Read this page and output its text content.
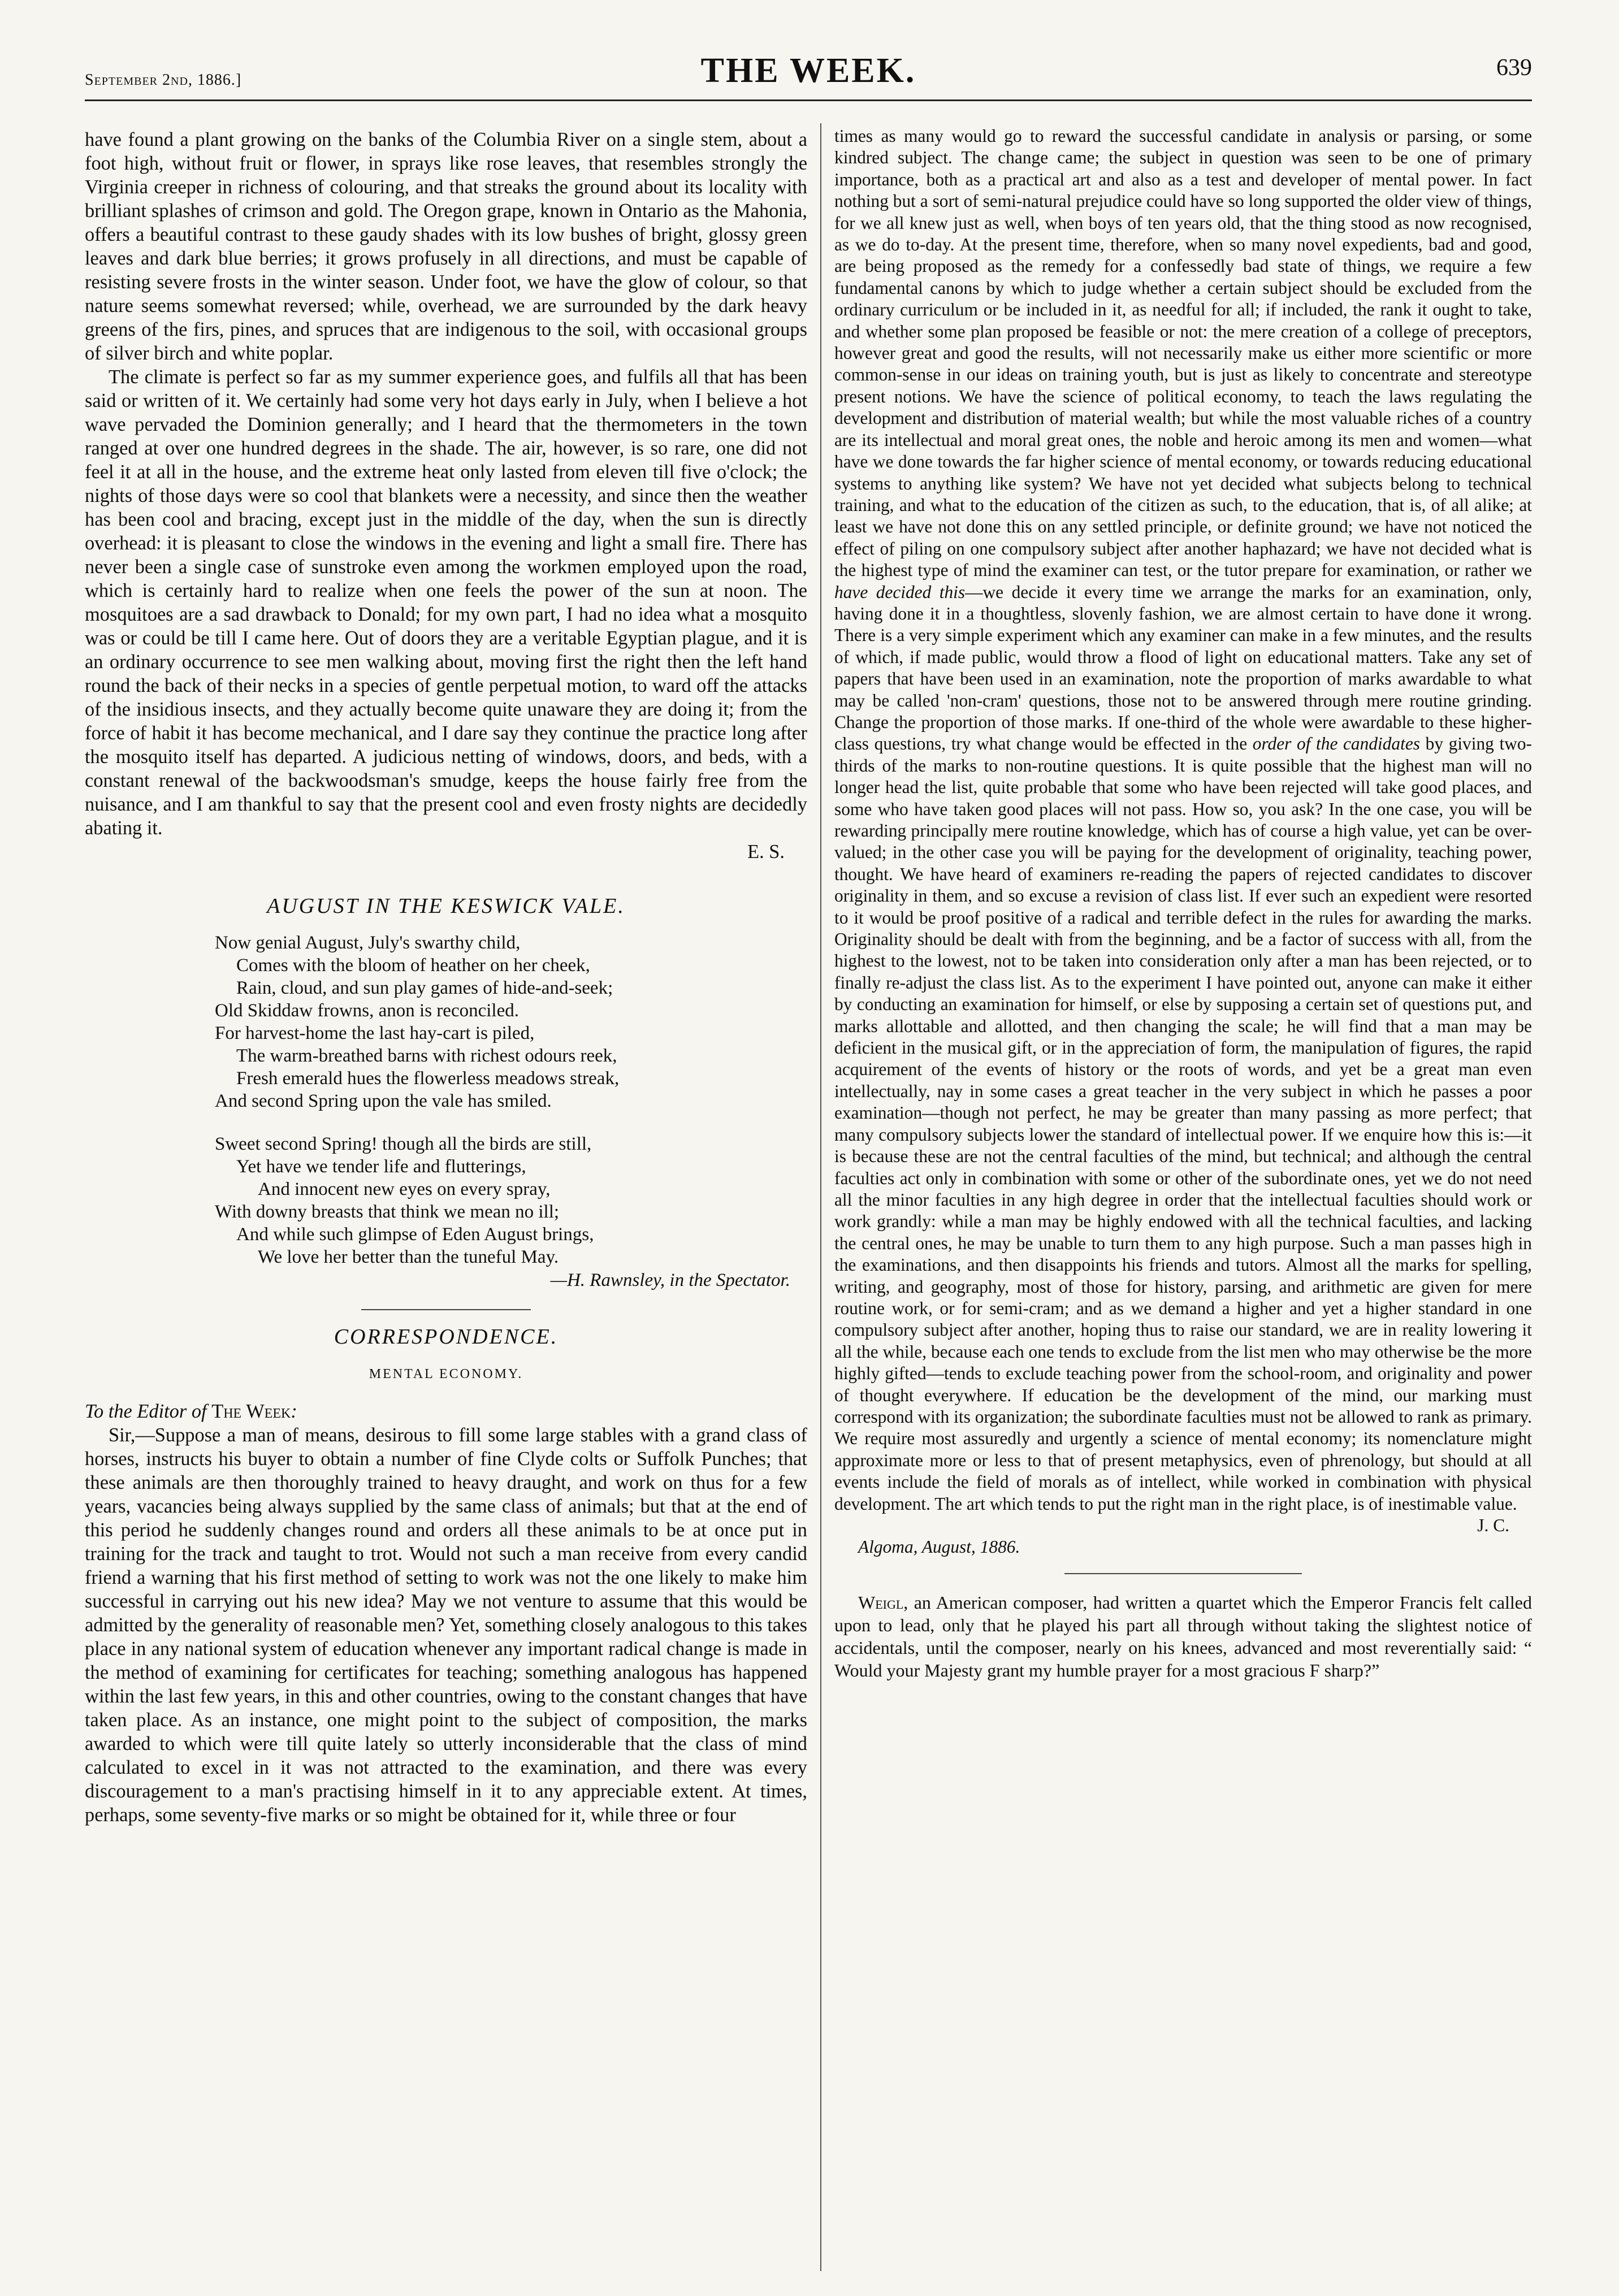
September 2nd, 1886.]	THE WEEK.	639

have found a plant growing on the banks of the Columbia River on a single stem, about a foot high, without fruit or flower, in sprays like rose leaves, that resembles strongly the Virginia creeper in richness of colouring, and that streaks the ground about its locality with brilliant splashes of crimson and gold. The Oregon grape, known in Ontario as the Mahonia, offers a beautiful contrast to these gaudy shades with its low bushes of bright, glossy green leaves and dark blue berries; it grows profusely in all directions, and must be capable of resisting severe frosts in the winter season. Under foot, we have the glow of colour, so that nature seems somewhat reversed; while, overhead, we are surrounded by the dark heavy greens of the firs, pines, and spruces that are indigenous to the soil, with occasional groups of silver birch and white poplar.

The climate is perfect so far as my summer experience goes, and fulfils all that has been said or written of it. We certainly had some very hot days early in July, when I believe a hot wave pervaded the Dominion generally; and I heard that the thermometers in the town ranged at over one hundred degrees in the shade. The air, however, is so rare, one did not feel it at all in the house, and the extreme heat only lasted from eleven till five o'clock; the nights of those days were so cool that blankets were a necessity, and since then the weather has been cool and bracing, except just in the middle of the day, when the sun is directly overhead: it is pleasant to close the windows in the evening and light a small fire. There has never been a single case of sunstroke even among the workmen employed upon the road, which is certainly hard to realize when one feels the power of the sun at noon. The mosquitoes are a sad drawback to Donald; for my own part, I had no idea what a mosquito was or could be till I came here. Out of doors they are a veritable Egyptian plague, and it is an ordinary occurrence to see men walking about, moving first the right then the left hand round the back of their necks in a species of gentle perpetual motion, to ward off the attacks of the insidious insects, and they actually become quite unaware they are doing it; from the force of habit it has become mechanical, and I dare say they continue the practice long after the mosquito itself has departed. A judicious netting of windows, doors, and beds, with a constant renewal of the backwoodsman's smudge, keeps the house fairly free from the nuisance, and I am thankful to say that the present cool and even frosty nights are decidedly abating it.

E. S.

AUGUST IN THE KESWICK VALE.
Now genial August, July's swarthy child,
Comes with the bloom of heather on her cheek,
Rain, cloud, and sun play games of hide-and-seek;
Old Skiddaw frowns, anon is reconciled.
For harvest-home the last hay-cart is piled,
The warm-breathed barns with richest odours reek,
Fresh emerald hues the flowerless meadows streak,
And second Spring upon the vale has smiled.
Sweet second Spring! though all the birds are still,
Yet have we tender life and flutterings,
And innocent new eyes on every spray,
With downy breasts that think we mean no ill;
And while such glimpse of Eden August brings,
We love her better than the tuneful May.
—H. Rawnsley, in the Spectator.
CORRESPONDENCE.
MENTAL ECONOMY.

To the Editor of The Week:

Sir,—Suppose a man of means, desirous to fill some large stables with a grand class of horses, instructs his buyer to obtain a number of fine Clyde colts or Suffolk Punches; that these animals are then thoroughly trained to heavy draught, and work on thus for a few years, vacancies being always supplied by the same class of animals; but that at the end of this period he suddenly changes round and orders all these animals to be at once put in training for the track and taught to trot. Would not such a man receive from every candid friend a warning that his first method of setting to work was not the one likely to make him successful in carrying out his new idea? May we not venture to assume that this would be admitted by the generality of reasonable men? Yet, something closely analogous to this takes place in any national system of education whenever any important radical change is made in the method of examining for certificates for teaching; something analogous has happened within the last few years, in this and other countries, owing to the constant changes that have taken place. As an instance, one might point to the subject of composition, the marks awarded to which were till quite lately so utterly inconsiderable that the class of mind calculated to excel in it was not attracted to the examination, and there was every discouragement to a man's practising himself in it to any appreciable extent. At times, perhaps, some seventy-five marks or so might be obtained for it, while three or four

times as many would go to reward the successful candidate in analysis or parsing, or some kindred subject. The change came; the subject in question was seen to be one of primary importance, both as a practical art and also as a test and developer of mental power. In fact nothing but a sort of semi-natural prejudice could have so long supported the older view of things, for we all knew just as well, when boys of ten years old, that the thing stood as now recognised, as we do to-day. At the present time, therefore, when so many novel expedients, bad and good, are being proposed as the remedy for a confessedly bad state of things, we require a few fundamental canons by which to judge whether a certain subject should be excluded from the ordinary curriculum or be included in it, as needful for all; if included, the rank it ought to take, and whether some plan proposed be feasible or not: the mere creation of a college of preceptors, however great and good the results, will not necessarily make us either more scientific or more common-sense in our ideas on training youth, but is just as likely to concentrate and stereotype present notions. We have the science of political economy, to teach the laws regulating the development and distribution of material wealth; but while the most valuable riches of a country are its intellectual and moral great ones, the noble and heroic among its men and women—what have we done towards the far higher science of mental economy, or towards reducing educational systems to anything like system? We have not yet decided what subjects belong to technical training, and what to the education of the citizen as such, to the education, that is, of all alike; at least we have not done this on any settled principle, or definite ground; we have not noticed the effect of piling on one compulsory subject after another haphazard; we have not decided what is the highest type of mind the examiner can test, or the tutor prepare for examination, or rather we have decided this—we decide it every time we arrange the marks for an examination, only, having done it in a thoughtless, slovenly fashion, we are almost certain to have done it wrong. There is a very simple experiment which any examiner can make in a few minutes, and the results of which, if made public, would throw a flood of light on educational matters. Take any set of papers that have been used in an examination, note the proportion of marks awardable to what may be called 'non-cram' questions, those not to be answered through mere routine grinding. Change the proportion of those marks. If one-third of the whole were awardable to these higher-class questions, try what change would be effected in the order of the candidates by giving two-thirds of the marks to non-routine questions. It is quite possible that the highest man will no longer head the list, quite probable that some who have been rejected will take good places, and some who have taken good places will not pass. How so, you ask? In the one case, you will be rewarding principally mere routine knowledge, which has of course a high value, yet can be over-valued; in the other case you will be paying for the development of originality, teaching power, thought. We have heard of examiners re-reading the papers of rejected candidates to discover originality in them, and so excuse a revision of class list. If ever such an expedient were resorted to it would be proof positive of a radical and terrible defect in the rules for awarding the marks. Originality should be dealt with from the beginning, and be a factor of success with all, from the highest to the lowest, not to be taken into consideration only after a man has been rejected, or to finally re-adjust the class list. As to the experiment I have pointed out, anyone can make it either by conducting an examination for himself, or else by supposing a certain set of questions put, and marks allottable and allotted, and then changing the scale; he will find that a man may be deficient in the musical gift, or in the appreciation of form, the manipulation of figures, the rapid acquirement of the events of history or the roots of words, and yet be a great man even intellectually, nay in some cases a great teacher in the very subject in which he passes a poor examination—though not perfect, he may be greater than many passing as more perfect; that many compulsory subjects lower the standard of intellectual power. If we enquire how this is:—it is because these are not the central faculties of the mind, but technical; and although the central faculties act only in combination with some or other of the subordinate ones, yet we do not need all the minor faculties in any high degree in order that the intellectual faculties should work or work grandly: while a man may be highly endowed with all the technical faculties, and lacking the central ones, he may be unable to turn them to any high purpose. Such a man passes high in the examinations, and then disappoints his friends and tutors. Almost all the marks for spelling, writing, and geography, most of those for history, parsing, and arithmetic are given for mere routine work, or for semi-cram; and as we demand a higher and yet a higher standard in one compulsory subject after another, hoping thus to raise our standard, we are in reality lowering it all the while, because each one tends to exclude from the list men who may otherwise be the more highly gifted—tends to exclude teaching power from the school-room, and originality and power of thought everywhere. If education be the development of the mind, our marking must correspond with its organization; the subordinate faculties must not be allowed to rank as primary. We require most assuredly and urgently a science of mental economy; its nomenclature might approximate more or less to that of present metaphysics, even of phrenology, but should at all events include the field of morals as of intellect, while worked in combination with physical development. The art which tends to put the right man in the right place, is of inestimable value.

J. C.

Algoma, August, 1886.

Weigl, an American composer, had written a quartet which the Emperor Francis felt called upon to lead, only that he played his part all through without taking the slightest notice of accidentals, until the composer, nearly on his knees, advanced and most reverentially said: “ Would your Majesty grant my humble prayer for a most gracious F sharp?”
